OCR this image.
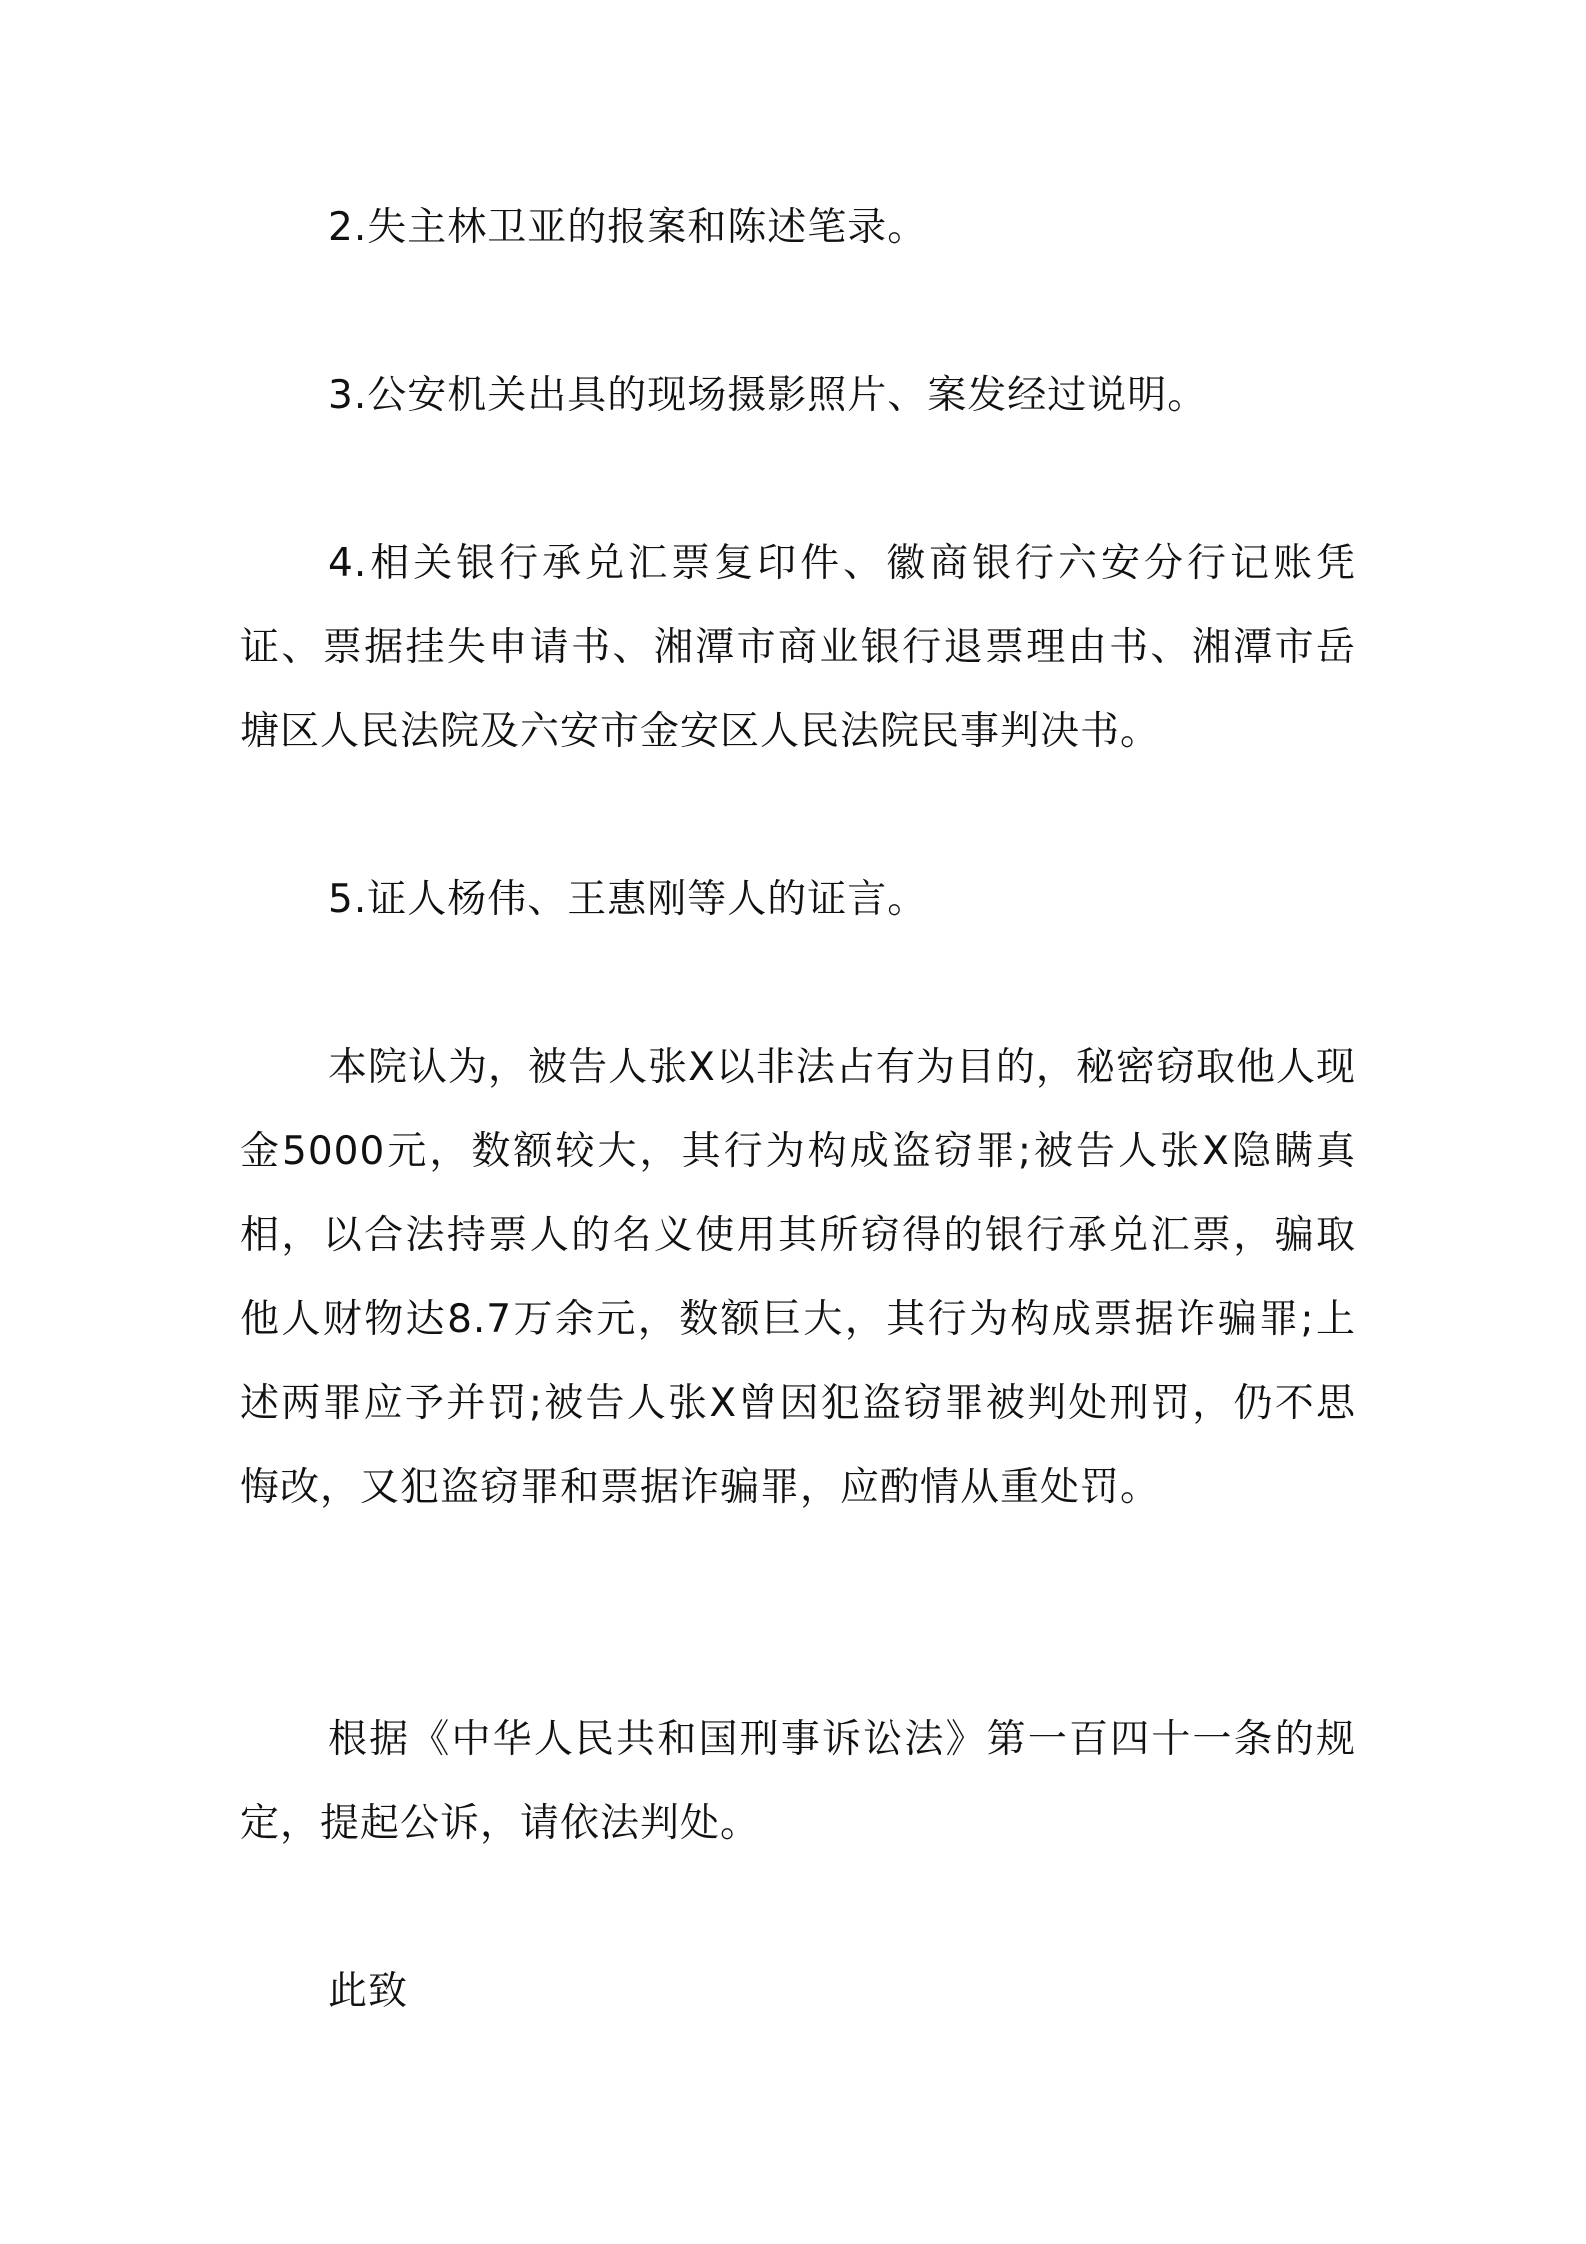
2.失主林卫亚的报案和陈述笔录。

3.公安机关出具的现场摄影照片、案发经过说明。

4.相关银行承兑汇票复印件、徽商银行六安分行记账凭证、票据挂失申请书、湘潭市商业银行退票理由书、湘潭市岳塘区人民法院及六安市金安区人民法院民事判决书。

5.证人杨伟、王惠刚等人的证言。

本院认为，被告人张X以非法占有为目的，秘密窃取他人现金5000元，数额较大，其行为构成盗窃罪;被告人张X隐瞒真相，以合法持票人的名义使用其所窃得的银行承兑汇票，骗取他人财物达8.7万余元，数额巨大，其行为构成票据诈骗罪;上述两罪应予并罚;被告人张X曾因犯盗窃罪被判处刑罚，仍不思悔改，又犯盗窃罪和票据诈骗罪，应酌情从重处罚。

根据《中华人民共和国刑事诉讼法》第一百四十一条的规定，提起公诉，请依法判处。

此致
